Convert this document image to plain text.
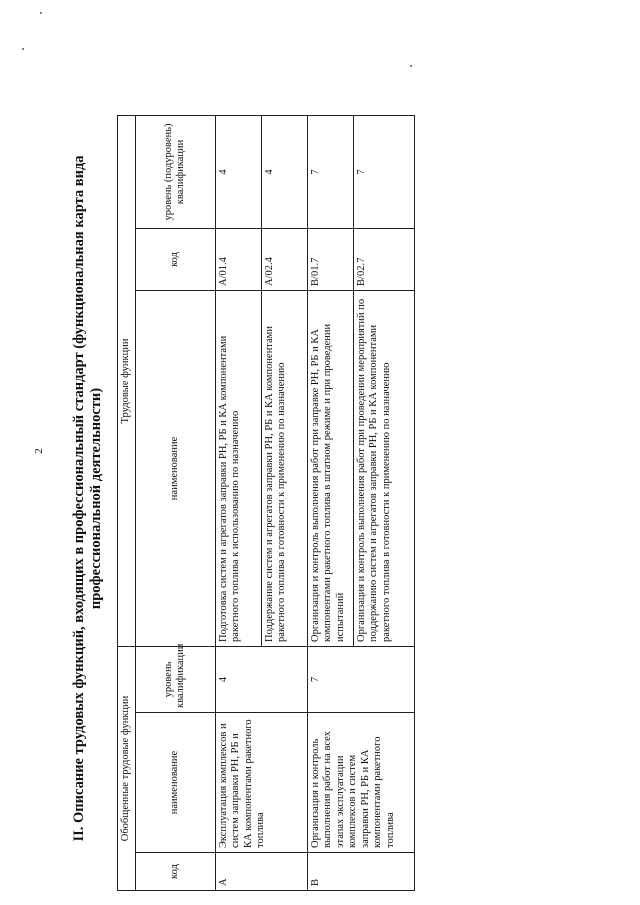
2 II. Описание трудовых функций, входящих в профессиональный стандарт (функциональная карта вида профессиональной деятельности)
Обобщенные трудовые функции			Трудовые функции		
код	наименование	уровень квалификации	наименование	код	уровень (подуровень) квалификации
A	Эксплуатация комплексов и систем заправки РН, РБ и КА компонентами ракетного топлива	4	Подготовка систем и агрегатов заправки РН, РБ и КА компонентами ракетного топлива к использованию по назначению	A/01.4	4
			Поддержание систем и агрегатов заправки РН, РБ и КА компонентами ракетного топлива в готовности к применению по назначению	A/02.4	4
B	Организация и контроль выполнения работ на всех этапах эксплуатации комплексов и систем заправки РН, РБ и КА компонентами ракетного топлива	7	Организация и контроль выполнения работ при заправке РН, РБ и КА компонентами ракетного топлива в штатном режиме и при проведении испытаний	B/01.7	7
			Организация и контроль выполнения работ при проведении мероприятий по поддержанию систем и агрегатов заправки РН, РБ и КА компонентами ракетного топлива в готовности к применению по назначению	B/02.7	7
